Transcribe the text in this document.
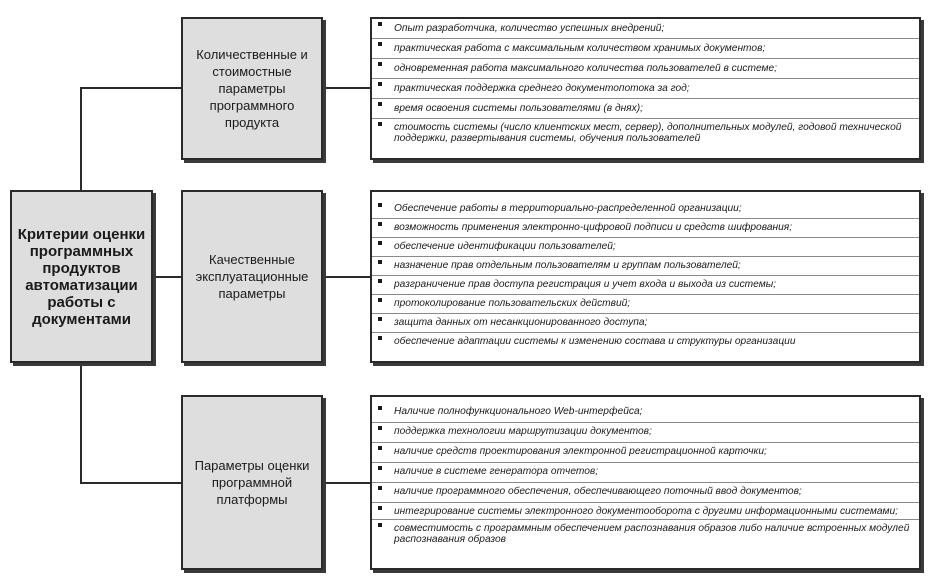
Критерии оценки программных продуктов автоматизации работы с документами
Количественные и стоимостные параметры программного продукта
Качественные эксплуатационные параметры
Параметры оценки программной платформы
Опыт разработчика, количество успешных внедрений;
практическая работа с максимальным количеством хранимых документов;
одновременная работа максимального количества пользователей в системе;
практическая поддержка среднего документопотока за год;
время освоения системы пользователями (в днях);
стоимость системы (число клиентских мест, сервер), дополнительных модулей, годовой технической поддержки, развертывания системы, обучения пользователей
Обеспечение работы в территориально-распределенной организации;
возможность применения электронно-цифровой подписи и средств шифрования;
обеспечение идентификации пользователей;
назначение прав отдельным пользователям и группам пользователей;
разграничение прав доступа регистрация и учет входа и выхода из системы;
протоколирование пользовательских действий;
защита данных от несанкционированного доступа;
обеспечение адаптации системы к изменению состава и структуры организации
Наличие полнофункционального Web-интерфейса;
поддержка технологии маршрутизации документов;
наличие средств проектирования электронной регистрационной карточки;
наличие в системе генератора отчетов;
наличие программного обеспечения, обеспечивающего поточный ввод документов;
интегрирование системы электронного документооборота с другими информационными системами;
совместимость с программным обеспечением распознавания образов либо наличие встроенных модулей распознавания образов
